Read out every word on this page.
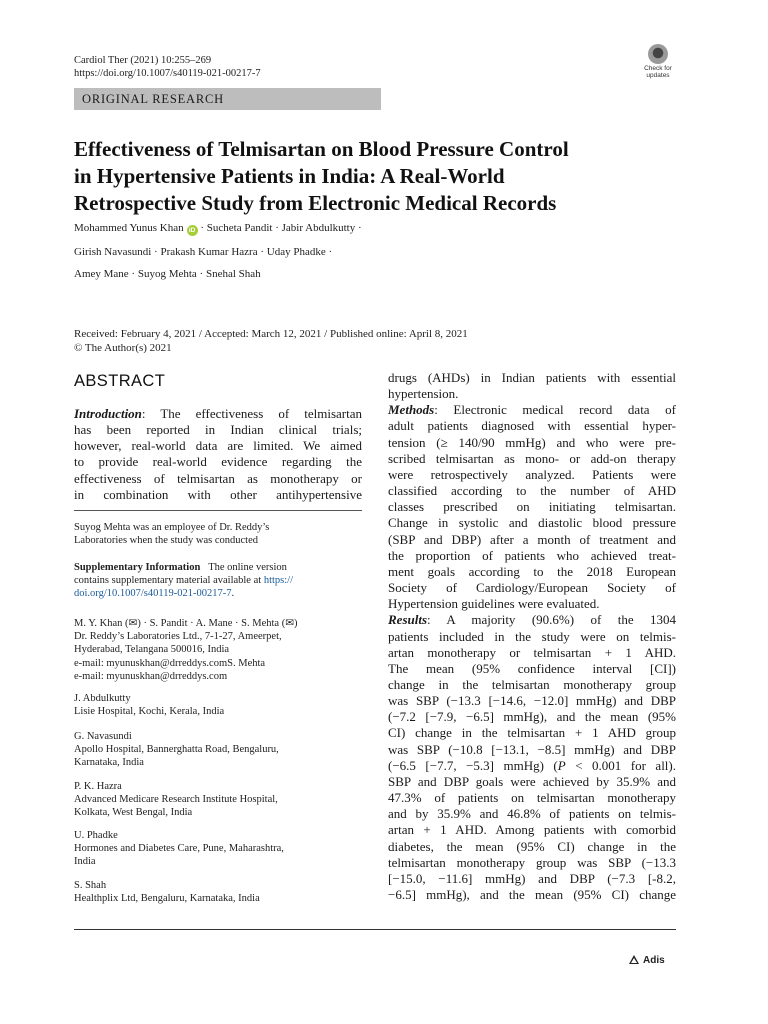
Cardiol Ther (2021) 10:255–269
https://doi.org/10.1007/s40119-021-00217-7	Check for
updates
ORIGINAL RESEARCH
Effectiveness of Telmisartan on Blood Pressure Control
in Hypertensive Patients in India: A Real-World
Retrospective Study from Electronic Medical Records
Mohammed Yunus Khan iD · Sucheta Pandit · Jabir Abdulkutty ·
Girish Navasundi · Prakash Kumar Hazra · Uday Phadke ·
Amey Mane · Suyog Mehta · Snehal Shah
Received: February 4, 2021 / Accepted: March 12, 2021 / Published online: April 8, 2021
© The Author(s) 2021
ABSTRACT
Introduction: The effectiveness of telmisartan
has been reported in Indian clinical trials;
however, real-world data are limited. We aimed
to provide real-world evidence regarding the
effectiveness of telmisartan as monotherapy or
in combination with other antihypertensive
Suyog Mehta was an employee of Dr. Reddy’s
Laboratories when the study was conducted
Supplementary Information The online version
contains supplementary material available at https://
doi.org/10.1007/s40119-021-00217-7.
M. Y. Khan (✉) · S. Pandit · A. Mane · S. Mehta (✉)
Dr. Reddy’s Laboratories Ltd., 7-1-27, Ameerpet,
Hyderabad, Telangana 500016, India
e-mail: myunuskhan@drreddys.comS. Mehta
e-mail: myunuskhan@drreddys.com
J. Abdulkutty
Lisie Hospital, Kochi, Kerala, India
G. Navasundi
Apollo Hospital, Bannerghatta Road, Bengaluru,
Karnataka, India
P. K. Hazra
Advanced Medicare Research Institute Hospital,
Kolkata, West Bengal, India
U. Phadke
Hormones and Diabetes Care, Pune, Maharashtra,
India
S. Shah
Healthplix Ltd, Bengaluru, Karnataka, India
drugs (AHDs) in Indian patients with essential
hypertension.
Methods: Electronic medical record data of
adult patients diagnosed with essential hyper-
tension (≥ 140/90 mmHg) and who were pre-
scribed telmisartan as mono- or add-on therapy
were retrospectively analyzed. Patients were
classified according to the number of AHD
classes prescribed on initiating telmisartan.
Change in systolic and diastolic blood pressure
(SBP and DBP) after a month of treatment and
the proportion of patients who achieved treat-
ment goals according to the 2018 European
Society of Cardiology/European Society of
Hypertension guidelines were evaluated.
Results: A majority (90.6%) of the 1304
patients included in the study were on telmis-
artan monotherapy or telmisartan + 1 AHD.
The mean (95% confidence interval [CI])
change in the telmisartan monotherapy group
was SBP (−13.3 [−14.6, −12.0] mmHg) and DBP
(−7.2 [−7.9, −6.5] mmHg), and the mean (95%
CI) change in the telmisartan + 1 AHD group
was SBP (−10.8 [−13.1, −8.5] mmHg) and DBP
(−6.5 [−7.7, −5.3] mmHg) (P < 0.001 for all).
SBP and DBP goals were achieved by 35.9% and
47.3% of patients on telmisartan monotherapy
and by 35.9% and 46.8% of patients on telmis-
artan + 1 AHD. Among patients with comorbid
diabetes, the mean (95% CI) change in the
telmisartan monotherapy group was SBP (−13.3
[−15.0, −11.6] mmHg) and DBP (−7.3 [-8.2,
−6.5] mmHg), and the mean (95% CI) change
Adis
